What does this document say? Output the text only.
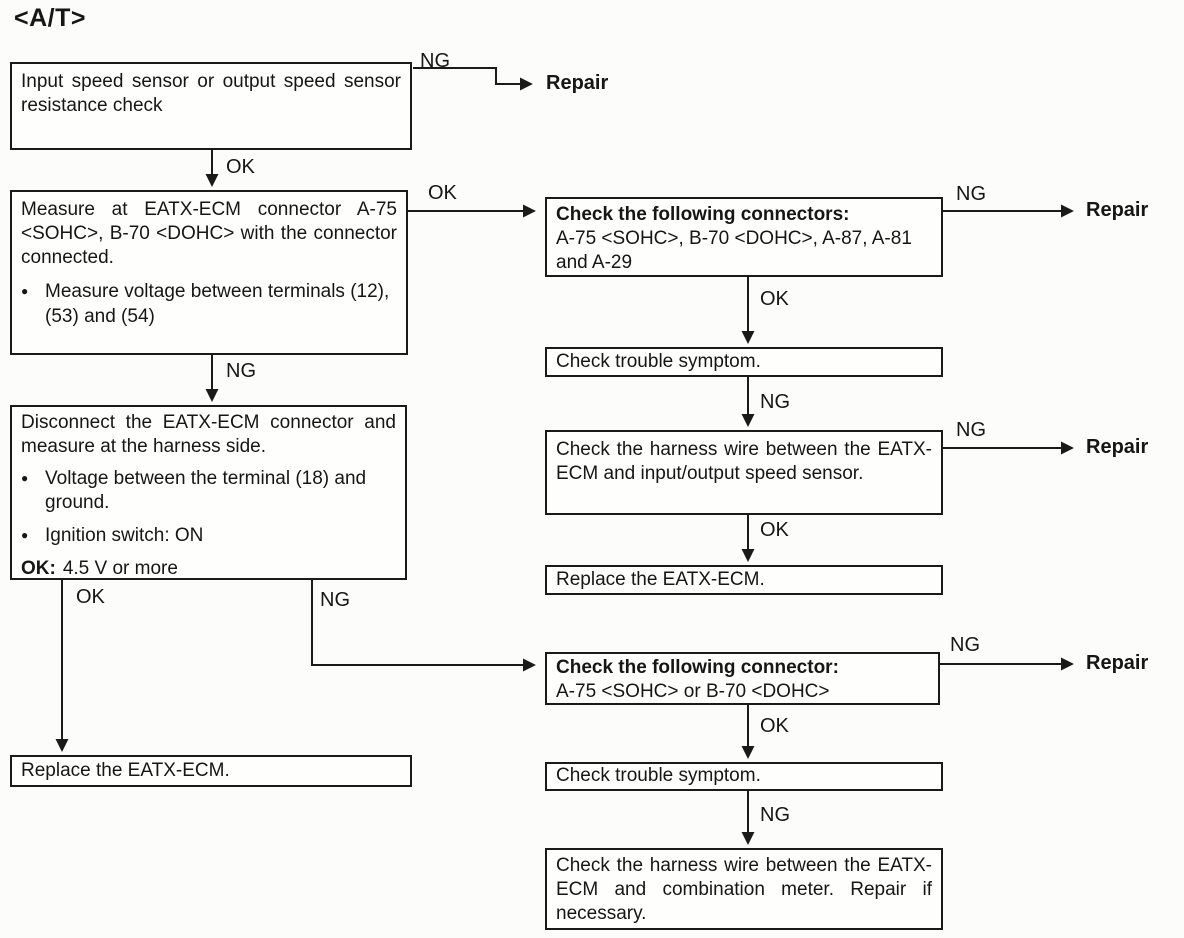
<A/T>

Input speed sensor or output speed sensor resistance check

Measure at EATX-ECM connector A-75 <SOHC>, B-70 <DOHC> with the connector connected.

● Measure voltage between terminals (12), (53) and (54)

Disconnect the EATX-ECM connector and measure at the harness side.

● Voltage between the terminal (18) and ground.
● Ignition switch: ON
OK: 4.5 V or more
Replace the EATX-ECM.
Check the following connectors:
A-75 <SOHC>, B-70 <DOHC>, A-87, A-81 and A-29
Check trouble symptom.

Check the harness wire between the EATX-ECM and input/output speed sensor.

Replace the EATX-ECM.
Check the following connector:
A-75 <SOHC> or B-70 <DOHC>
Check trouble symptom.

Check the harness wire between the EATX-ECM and combination meter. Repair if necessary.

NG
OK
OK
NG
OK	NG
NG
OK
NG
NG
OK
NG
OK
NG
Repair
Repair
Repair
Repair
